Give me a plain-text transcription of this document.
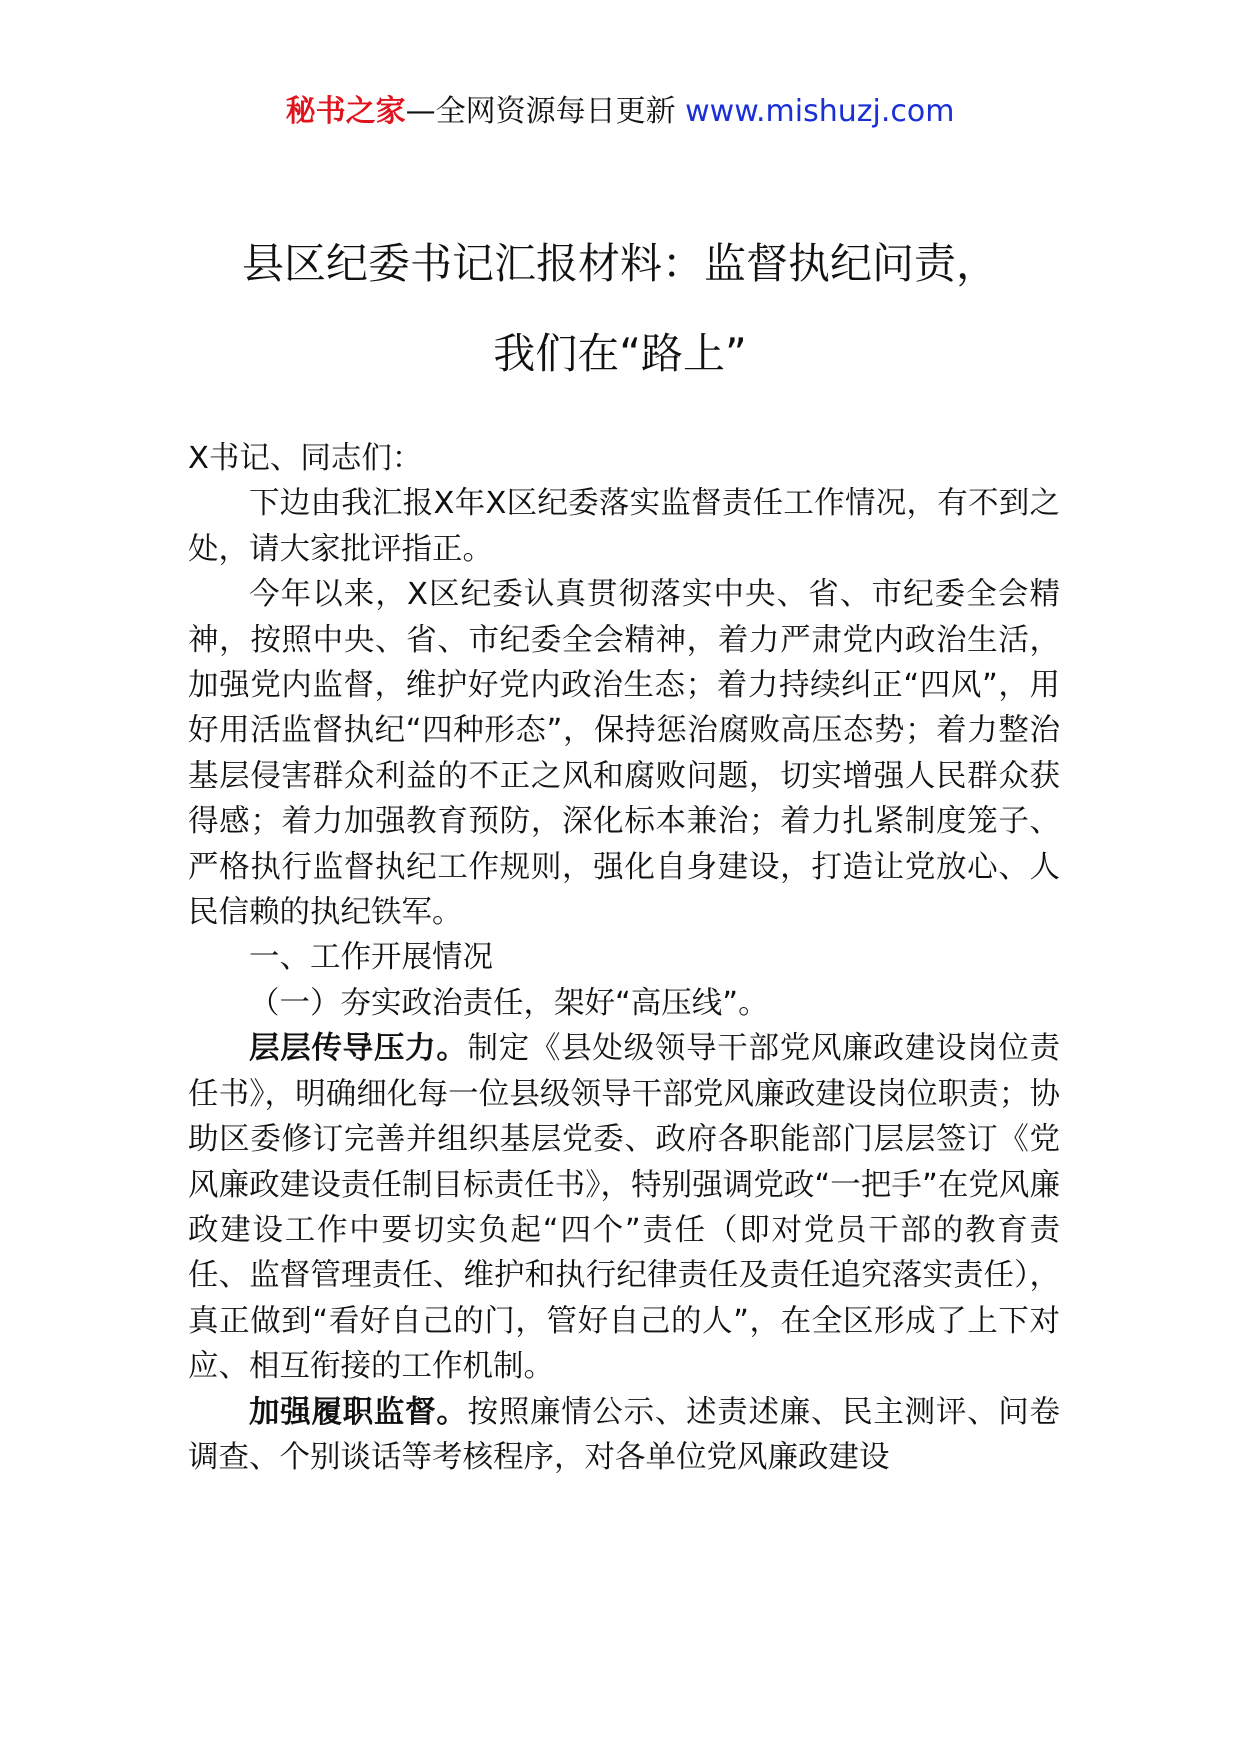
秘书之家—全网资源每日更新 www.mishuzj.com
县区纪委书记汇报材料：监督执纪问责，
我们在“路上”

X书记、同志们：

下边由我汇报X年X区纪委落实监督责任工作情况，有不到之处，请大家批评指正。

今年以来，X区纪委认真贯彻落实中央、省、市纪委全会精神，按照中央、省、市纪委全会精神，着力严肃党内政治生活，加强党内监督，维护好党内政治生态；着力持续纠正“四风”，用好用活监督执纪“四种形态”，保持惩治腐败高压态势；着力整治基层侵害群众利益的不正之风和腐败问题，切实增强人民群众获得感；着力加强教育预防，深化标本兼治；着力扎紧制度笼子、严格执行监督执纪工作规则，强化自身建设，打造让党放心、人民信赖的执纪铁军。

一、工作开展情况

（一）夯实政治责任，架好“高压线”。

层层传导压力。制定《县处级领导干部党风廉政建设岗位责任书》，明确细化每一位县级领导干部党风廉政建设岗位职责；协助区委修订完善并组织基层党委、政府各职能部门层层签订《党风廉政建设责任制目标责任书》，特别强调党政“一把手”在党风廉政建设工作中要切实负起“四个”责任（即对党员干部的教育责任、监督管理责任、维护和执行纪律责任及责任追究落实责任），真正做到“看好自己的门，管好自己的人”，在全区形成了上下对应、相互衔接的工作机制。

加强履职监督。按照廉情公示、述责述廉、民主测评、问卷调查、个别谈话等考核程序，对各单位党风廉政建设
